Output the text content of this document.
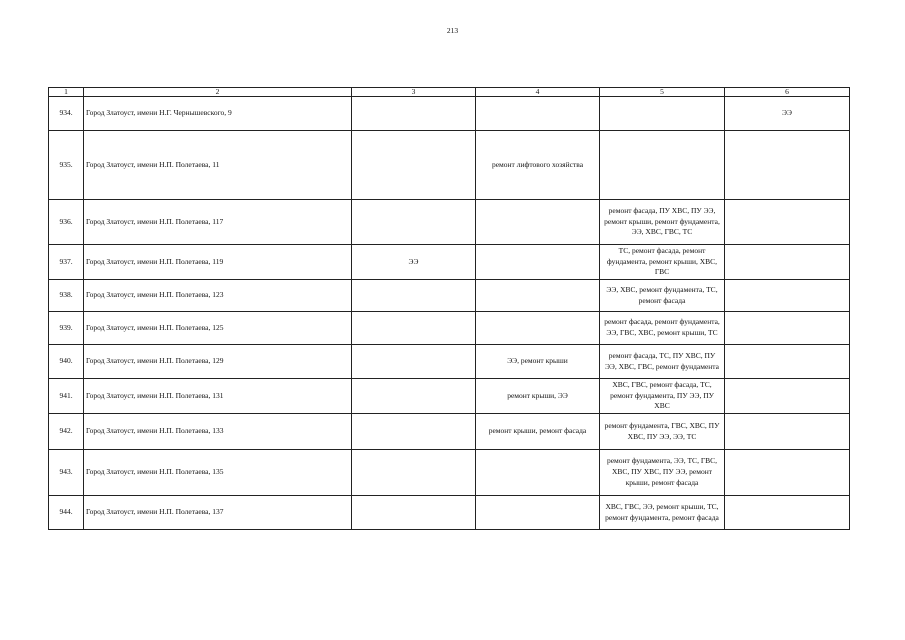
213
1	2	3	4	5	6
934.	Город Златоуст, имени Н.Г. Чернышевского, 9				ЭЭ
935.	Город Златоуст, имени Н.П. Полетаева, 11		ремонт лифтового хозяйства		
936.	Город Златоуст, имени Н.П. Полетаева, 117			ремонт фасада, ПУ ХВС, ПУ ЭЭ, ремонт крыши, ремонт фундамента, ЭЭ, ХВС, ГВС, ТС	
937.	Город Златоуст, имени Н.П. Полетаева, 119	ЭЭ		ТС, ремонт фасада, ремонт фундамента, ремонт крыши, ХВС, ГВС	
938.	Город Златоуст, имени Н.П. Полетаева, 123			ЭЭ, ХВС, ремонт фундамента, ТС, ремонт фасада	
939.	Город Златоуст, имени Н.П. Полетаева, 125			ремонт фасада, ремонт фундамента, ЭЭ, ГВС, ХВС, ремонт крыши, ТС	
940.	Город Златоуст, имени Н.П. Полетаева, 129		ЭЭ, ремонт крыши	ремонт фасада, ТС, ПУ ХВС, ПУ ЭЭ, ХВС, ГВС, ремонт фундамента	
941.	Город Златоуст, имени Н.П. Полетаева, 131		ремонт крыши, ЭЭ	ХВС, ГВС, ремонт фасада, ТС, ремонт фундамента, ПУ ЭЭ, ПУ ХВС	
942.	Город Златоуст, имени Н.П. Полетаева, 133		ремонт крыши, ремонт фасада	ремонт фундамента, ГВС, ХВС, ПУ ХВС, ПУ ЭЭ, ЭЭ, ТС	
943.	Город Златоуст, имени Н.П. Полетаева, 135			ремонт фундамента, ЭЭ, ТС, ГВС, ХВС, ПУ ХВС, ПУ ЭЭ, ремонт крыши, ремонт фасада	
944.	Город Златоуст, имени Н.П. Полетаева, 137			ХВС, ГВС, ЭЭ, ремонт крыши, ТС, ремонт фундамента, ремонт фасада	
